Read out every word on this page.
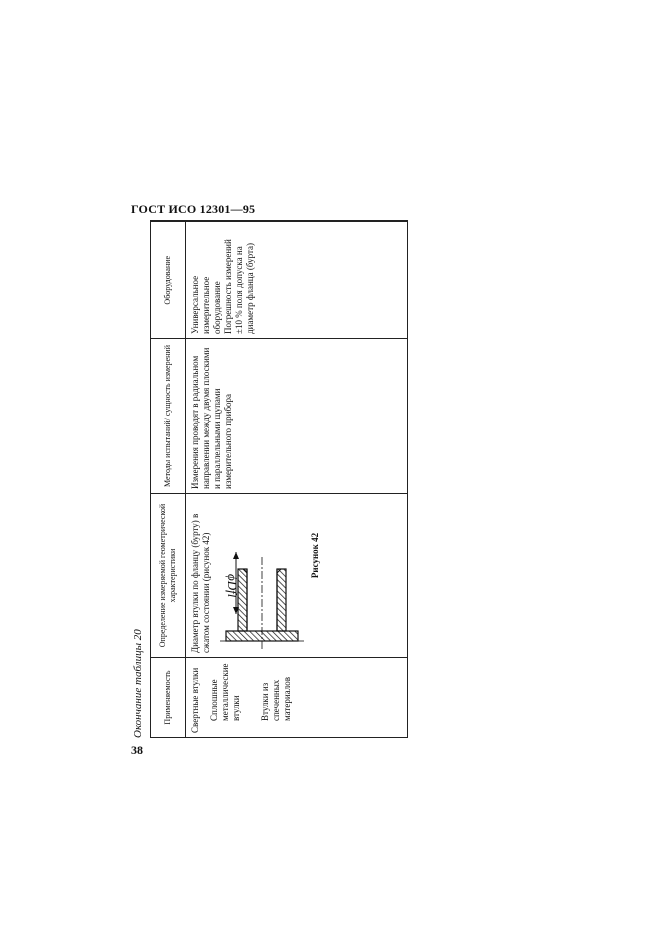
ГОСТ ИСО 12301—95
Окончание таблицы 20 Применяемость	Определение измеряемой геометрической характеристики	Методы испытаний/ сущность измерений	Оборудование

Свертные втулки Сплошные металлические втулки Втулки из спеченных материалов	Диаметр втулки по фланцу (бурту) в сжатом состоянии (рисунок 42) Рисунок 42	Измерения проводят в радиальном направлении между двумя плоскими и параллельными щупами измерительного прибора	Универсальное измерительное оборудование Погрешность измерений ±10 % поля допуска на диаметр фланца (бурта)
ϕDfl
38
